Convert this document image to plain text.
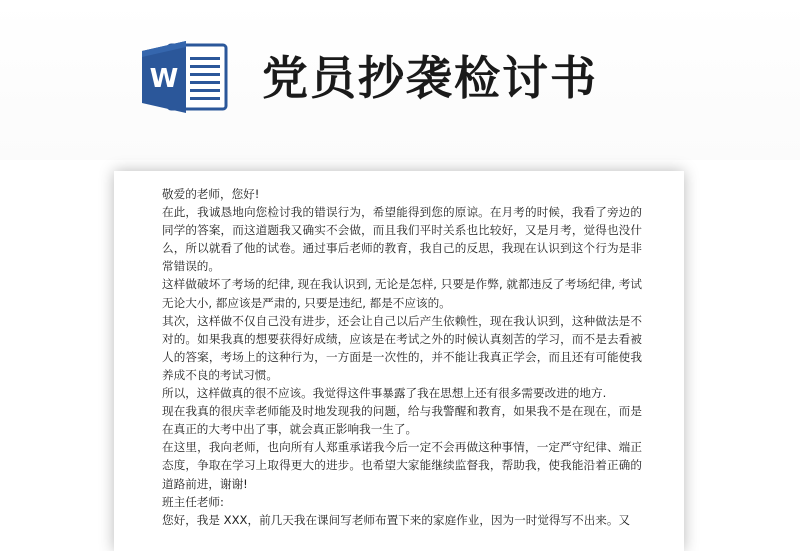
W 党员抄袭检讨书

敬爱的老师，您好!

在此，我诚恳地向您检讨我的错误行为，希望能得到您的原谅。在月考的时候，我看了旁边的同学的答案，而这道题我又确实不会做，而且我们平时关系也比较好，又是月考，觉得也没什么，所以就看了他的试卷。通过事后老师的教育，我自己的反思，我现在认识到这个行为是非常错误的。

这样做破坏了考场的纪律, 现在我认识到, 无论是怎样, 只要是作弊, 就都违反了考场纪律, 考试无论大小, 都应该是严肃的, 只要是违纪, 都是不应该的。

其次，这样做不仅自己没有进步，还会让自己以后产生依赖性，现在我认识到，这种做法是不对的。如果我真的想要获得好成绩，应该是在考试之外的时候认真刻苦的学习，而不是去看被人的答案，考场上的这种行为，一方面是一次性的，并不能让我真正学会，而且还有可能使我养成不良的考试习惯。

所以，这样做真的很不应该。我觉得这件事暴露了我在思想上还有很多需要改进的地方.

现在我真的很庆幸老师能及时地发现我的问题，给与我警醒和教育，如果我不是在现在，而是在真正的大考中出了事，就会真正影响我一生了。

在这里，我向老师，也向所有人郑重承诺我今后一定不会再做这种事情，一定严守纪律、端正态度，争取在学习上取得更大的进步。也希望大家能继续监督我，帮助我，使我能沿着正确的道路前进，谢谢!

班主任老师:

您好，我是 XXX，前几天我在课间写老师布置下来的家庭作业，因为一时觉得写不出来。又
